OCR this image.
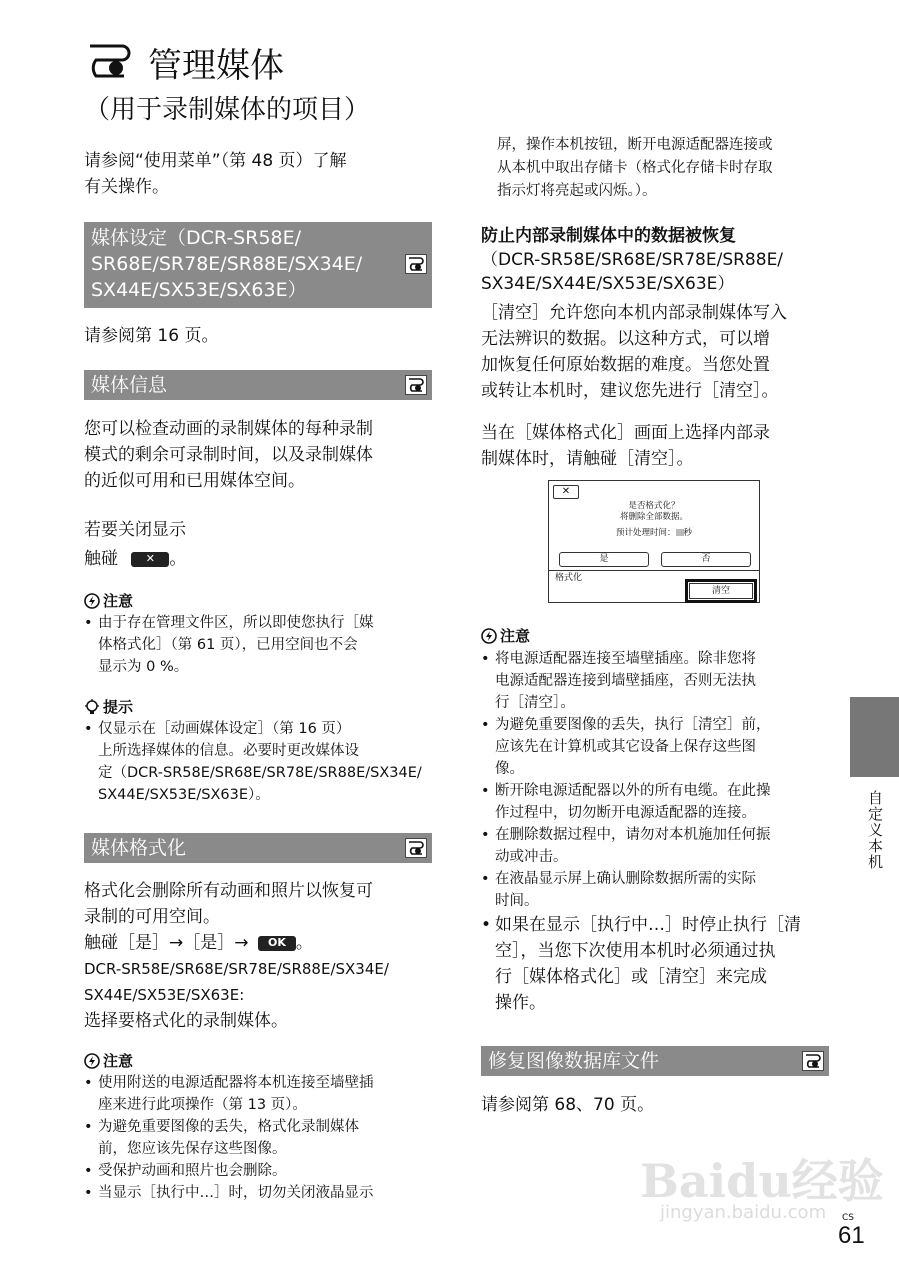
管理媒体
（用于录制媒体的项目）
请参阅“使用菜单”（第 48 页）了解
有关操作。
媒体设定（DCR-SR58E/
SR68E/SR78E/SR88E/SX34E/
SX44E/SX53E/SX63E）
请参阅第 16 页。
媒体信息
您可以检查动画的录制媒体的每种录制
模式的剩余可录制时间，以及录制媒体
的近似可用和已用媒体空间。
若要关闭显示
触碰	✕ 。
注意
• 由于存在管理文件区，所以即使您执行［媒
体格式化］（第 61 页），已用空间也不会
显示为 0 %。
提示
• 仅显示在［动画媒体设定］（第 16 页）
上所选择媒体的信息。必要时更改媒体设
定（DCR-SR58E/SR68E/SR78E/SR88E/SX34E/
SX44E/SX53E/SX63E）。
媒体格式化
格式化会删除所有动画和照片以恢复可
录制的可用空间。
触碰［是］→［是］→ OK 。
DCR-SR58E/SR68E/SR78E/SR88E/SX34E/
SX44E/SX53E/SX63E:
选择要格式化的录制媒体。
注意
• 使用附送的电源适配器将本机连接至墙壁插
座来进行此项操作（第 13 页）。
• 为避免重要图像的丢失，格式化录制媒体
前，您应该先保存这些图像。
• 受保护动画和照片也会删除。
• 当显示［执行中…］时，切勿关闭液晶显示
屏，操作本机按钮，断开电源适配器连接或
从本机中取出存储卡（格式化存储卡时存取
指示灯将亮起或闪烁。）。
防止内部录制媒体中的数据被恢复
（DCR-SR58E/SR68E/SR78E/SR88E/
SX34E/SX44E/SX53E/SX63E）
［清空］允许您向本机内部录制媒体写入
无法辨识的数据。以这种方式，可以增
加恢复任何原始数据的难度。当您处置
或转让本机时，建议您先进行［清空］。
当在［媒体格式化］画面上选择内部录
制媒体时，请触碰［清空］。
✕
是否格式化？
将删除全部数据。
预计处理时间： 秒
是	否
格式化
清空
注意
• 将电源适配器连接至墙壁插座。除非您将
电源适配器连接到墙壁插座，否则无法执
行［清空］。
• 为避免重要图像的丢失，执行［清空］前，
应该先在计算机或其它设备上保存这些图
像。
• 断开除电源适配器以外的所有电缆。在此操
作过程中，切勿断开电源适配器的连接。
• 在删除数据过程中，请勿对本机施加任何振
动或冲击。
• 在液晶显示屏上确认删除数据所需的实际
时间。
• 如果在显示［执行中…］时停止执行［清
空］，当您下次使用本机时必须通过执
行［媒体格式化］或［清空］来完成
操作。
修复图像数据库文件
请参阅第 68、70 页。
自定义本机
Baidu经验
jingyan.baidu.com CS
61
